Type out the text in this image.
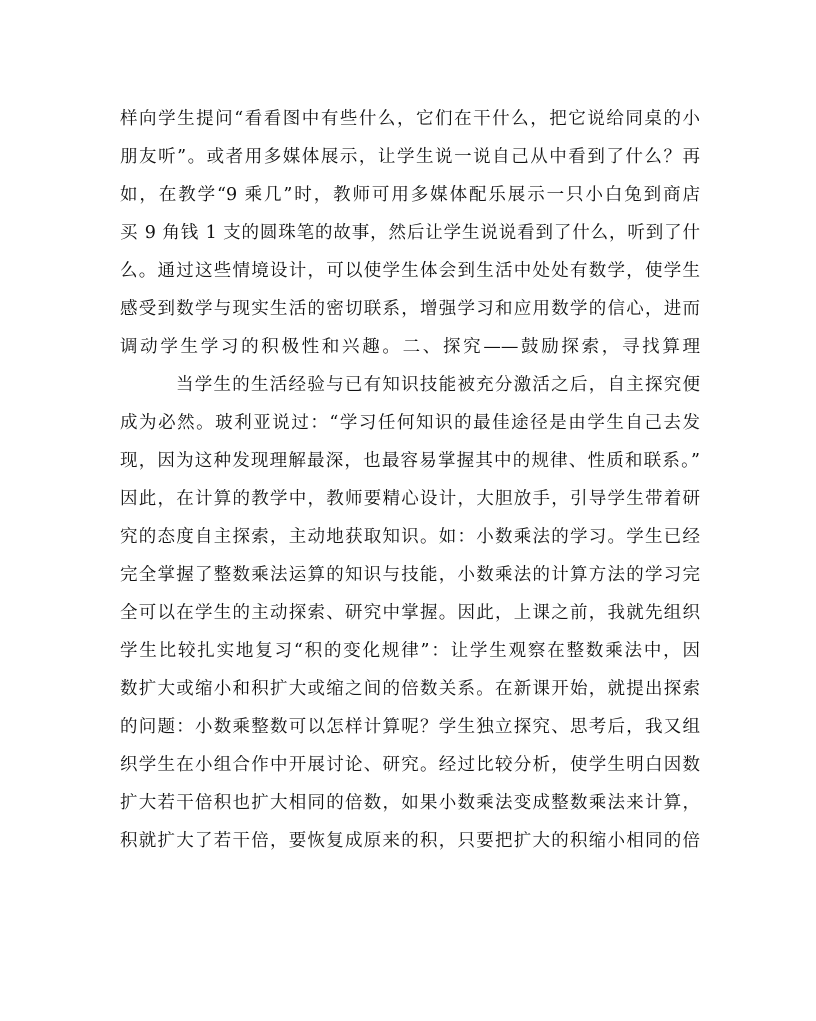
样向学生提问“看看图中有些什么，它们在干什么，把它说给同桌的小
朋友听”。或者用多媒体展示，让学生说一说自己从中看到了什么？再
如，在教学“9 乘几”时，教师可用多媒体配乐展示一只小白兔到商店
买 9 角钱 1 支的圆珠笔的故事，然后让学生说说看到了什么，听到了什
么。通过这些情境设计，可以使学生体会到生活中处处有数学，使学生
感受到数学与现实生活的密切联系，增强学习和应用数学的信心，进而
调动学生学习的积极性和兴趣。二、探究——鼓励探索，寻找算理
当学生的生活经验与已有知识技能被充分激活之后，自主探究便
成为必然。玻利亚说过：“学习任何知识的最佳途径是由学生自己去发
现，因为这种发现理解最深，也最容易掌握其中的规律、性质和联系。”
因此，在计算的教学中，教师要精心设计，大胆放手，引导学生带着研
究的态度自主探索，主动地获取知识。如：小数乘法的学习。学生已经
完全掌握了整数乘法运算的知识与技能，小数乘法的计算方法的学习完
全可以在学生的主动探索、研究中掌握。因此，上课之前，我就先组织
学生比较扎实地复习“积的变化规律”：让学生观察在整数乘法中，因
数扩大或缩小和积扩大或缩之间的倍数关系。在新课开始，就提出探索
的问题：小数乘整数可以怎样计算呢？学生独立探究、思考后，我又组
织学生在小组合作中开展讨论、研究。经过比较分析，使学生明白因数
扩大若干倍积也扩大相同的倍数，如果小数乘法变成整数乘法来计算，
积就扩大了若干倍，要恢复成原来的积，只要把扩大的积缩小相同的倍
